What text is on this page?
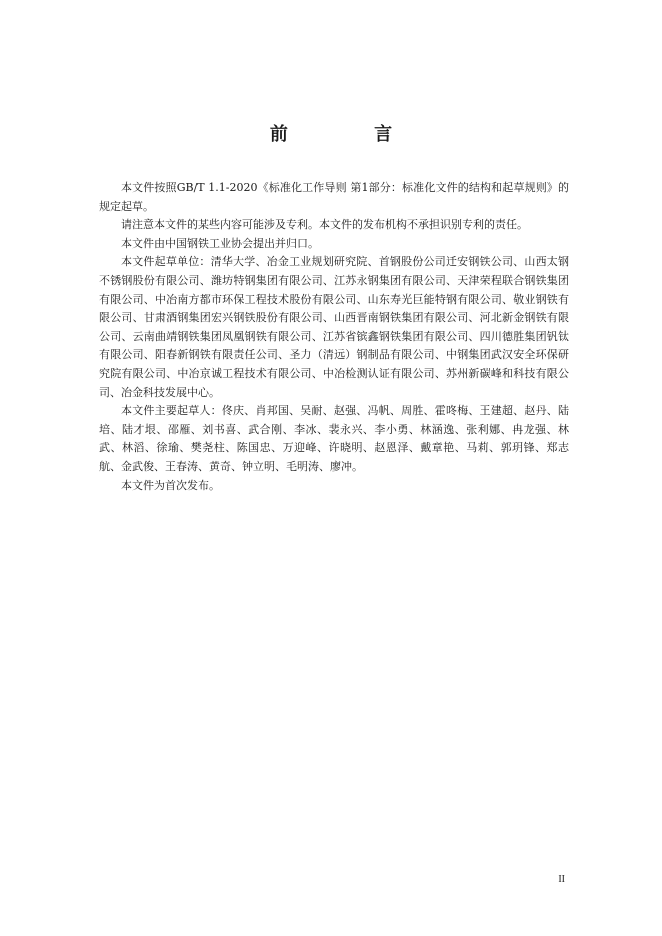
前 言

本文件按照GB/T 1.1-2020《标准化工作导则 第1部分：标准化文件的结构和起草规则》的规定起草。

请注意本文件的某些内容可能涉及专利。本文件的发布机构不承担识别专利的责任。

本文件由中国钢铁工业协会提出并归口。

本文件起草单位：清华大学、冶金工业规划研究院、首钢股份公司迁安钢铁公司、山西太钢不锈钢股份有限公司、潍坊特钢集团有限公司、江苏永钢集团有限公司、天津荣程联合钢铁集团有限公司、中冶南方都市环保工程技术股份有限公司、山东寿光巨能特钢有限公司、敬业钢铁有限公司、甘肃酒钢集团宏兴钢铁股份有限公司、山西晋南钢铁集团有限公司、河北新金钢铁有限公司、云南曲靖钢铁集团凤凰钢铁有限公司、江苏省镔鑫钢铁集团有限公司、四川德胜集团钒钛有限公司、阳春新钢铁有限责任公司、圣力（清远）钢制品有限公司、中钢集团武汉安全环保研究院有限公司、中冶京诚工程技术有限公司、中冶检测认证有限公司、苏州新碳峰和科技有限公司、冶金科技发展中心。

本文件主要起草人：佟庆、肖邦国、吴耐、赵强、冯帆、周胜、霍咚梅、王建超、赵丹、陆培、陆才垠、邵雁、刘书喜、武合刚、李冰、裴永兴、李小勇、林涵逸、张利娜、冉龙强、林武、林滔、徐瑜、樊尧柱、陈国忠、万迎峰、许晓明、赵恩泽、戴章艳、马莉、郭玥锋、郑志航、金武俊、王春涛、黄奇、钟立明、毛明涛、廖冲。

本文件为首次发布。

II
